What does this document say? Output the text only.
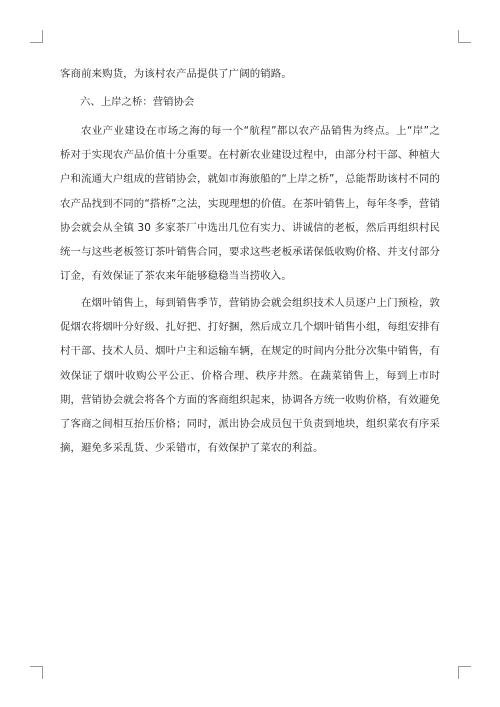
客商前来购货，为该村农产品提供了广阔的销路。
六、上岸之桥：营销协会
农业产业建设在市场之海的每一个“航程”都以农产品销售为终点。上“岸”之桥对于实现农产品价值十分重要。在村新农业建设过程中，由部分村干部、种植大户和流通大户组成的营销协会，就如市海旅船的“上岸之桥”，总能帮助该村不同的农产品找到不同的“搭桥”之法，实现理想的价值。在茶叶销售上，每年冬季，营销协会就会从全镇 30 多家茶厂中选出几位有实力、讲诚信的老板，然后再组织村民统一与这些老板签订茶叶销售合同，要求这些老板承诺保低收购价格、并支付部分订金，有效保证了茶农来年能够稳稳当当捞收入。
在烟叶销售上，每到销售季节，营销协会就会组织技术人员逐户上门预检，敦促烟农将烟叶分好级、扎好把、打好捆，然后成立几个烟叶销售小组，每组安排有村干部、技术人员、烟叶户主和运输车辆，在规定的时间内分批分次集中销售，有效保证了烟叶收购公平公正、价格合理、秩序井然。在蔬菜销售上，每到上市时期，营销协会就会将各个方面的客商组织起来，协调各方统一收购价格，有效避免了客商之间相互抬压价格；同时，派出协会成员包干负责到地块，组织菜农有序采摘，避免多采乱货、少采错市，有效保护了菜农的利益。
